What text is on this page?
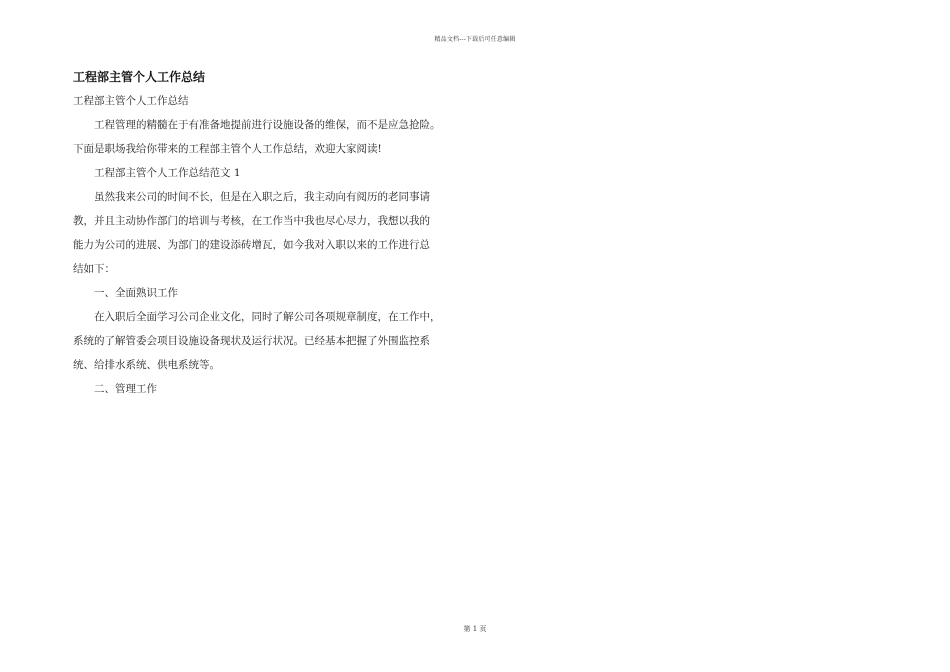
精品文档---下载后可任意编辑
工程部主管个人工作总结

工程部主管个人工作总结

工程管理的精髓在于有准备地提前进行设施设备的维保，而不是应急抢险。

下面是职场我给你带来的工程部主管个人工作总结，欢迎大家阅读!

工程部主管个人工作总结范文 1

虽然我来公司的时间不长，但是在入职之后，我主动向有阅历的老同事请

教，并且主动协作部门的培训与考核，在工作当中我也尽心尽力，我想以我的

能力为公司的进展、为部门的建设添砖增瓦，如今我对入职以来的工作进行总

结如下：

一、全面熟识工作

在入职后全面学习公司企业文化，同时了解公司各项规章制度，在工作中，

系统的了解管委会项目设施设备现状及运行状况。已经基本把握了外围监控系

统、给排水系统、供电系统等。

二、管理工作

第 1 页
